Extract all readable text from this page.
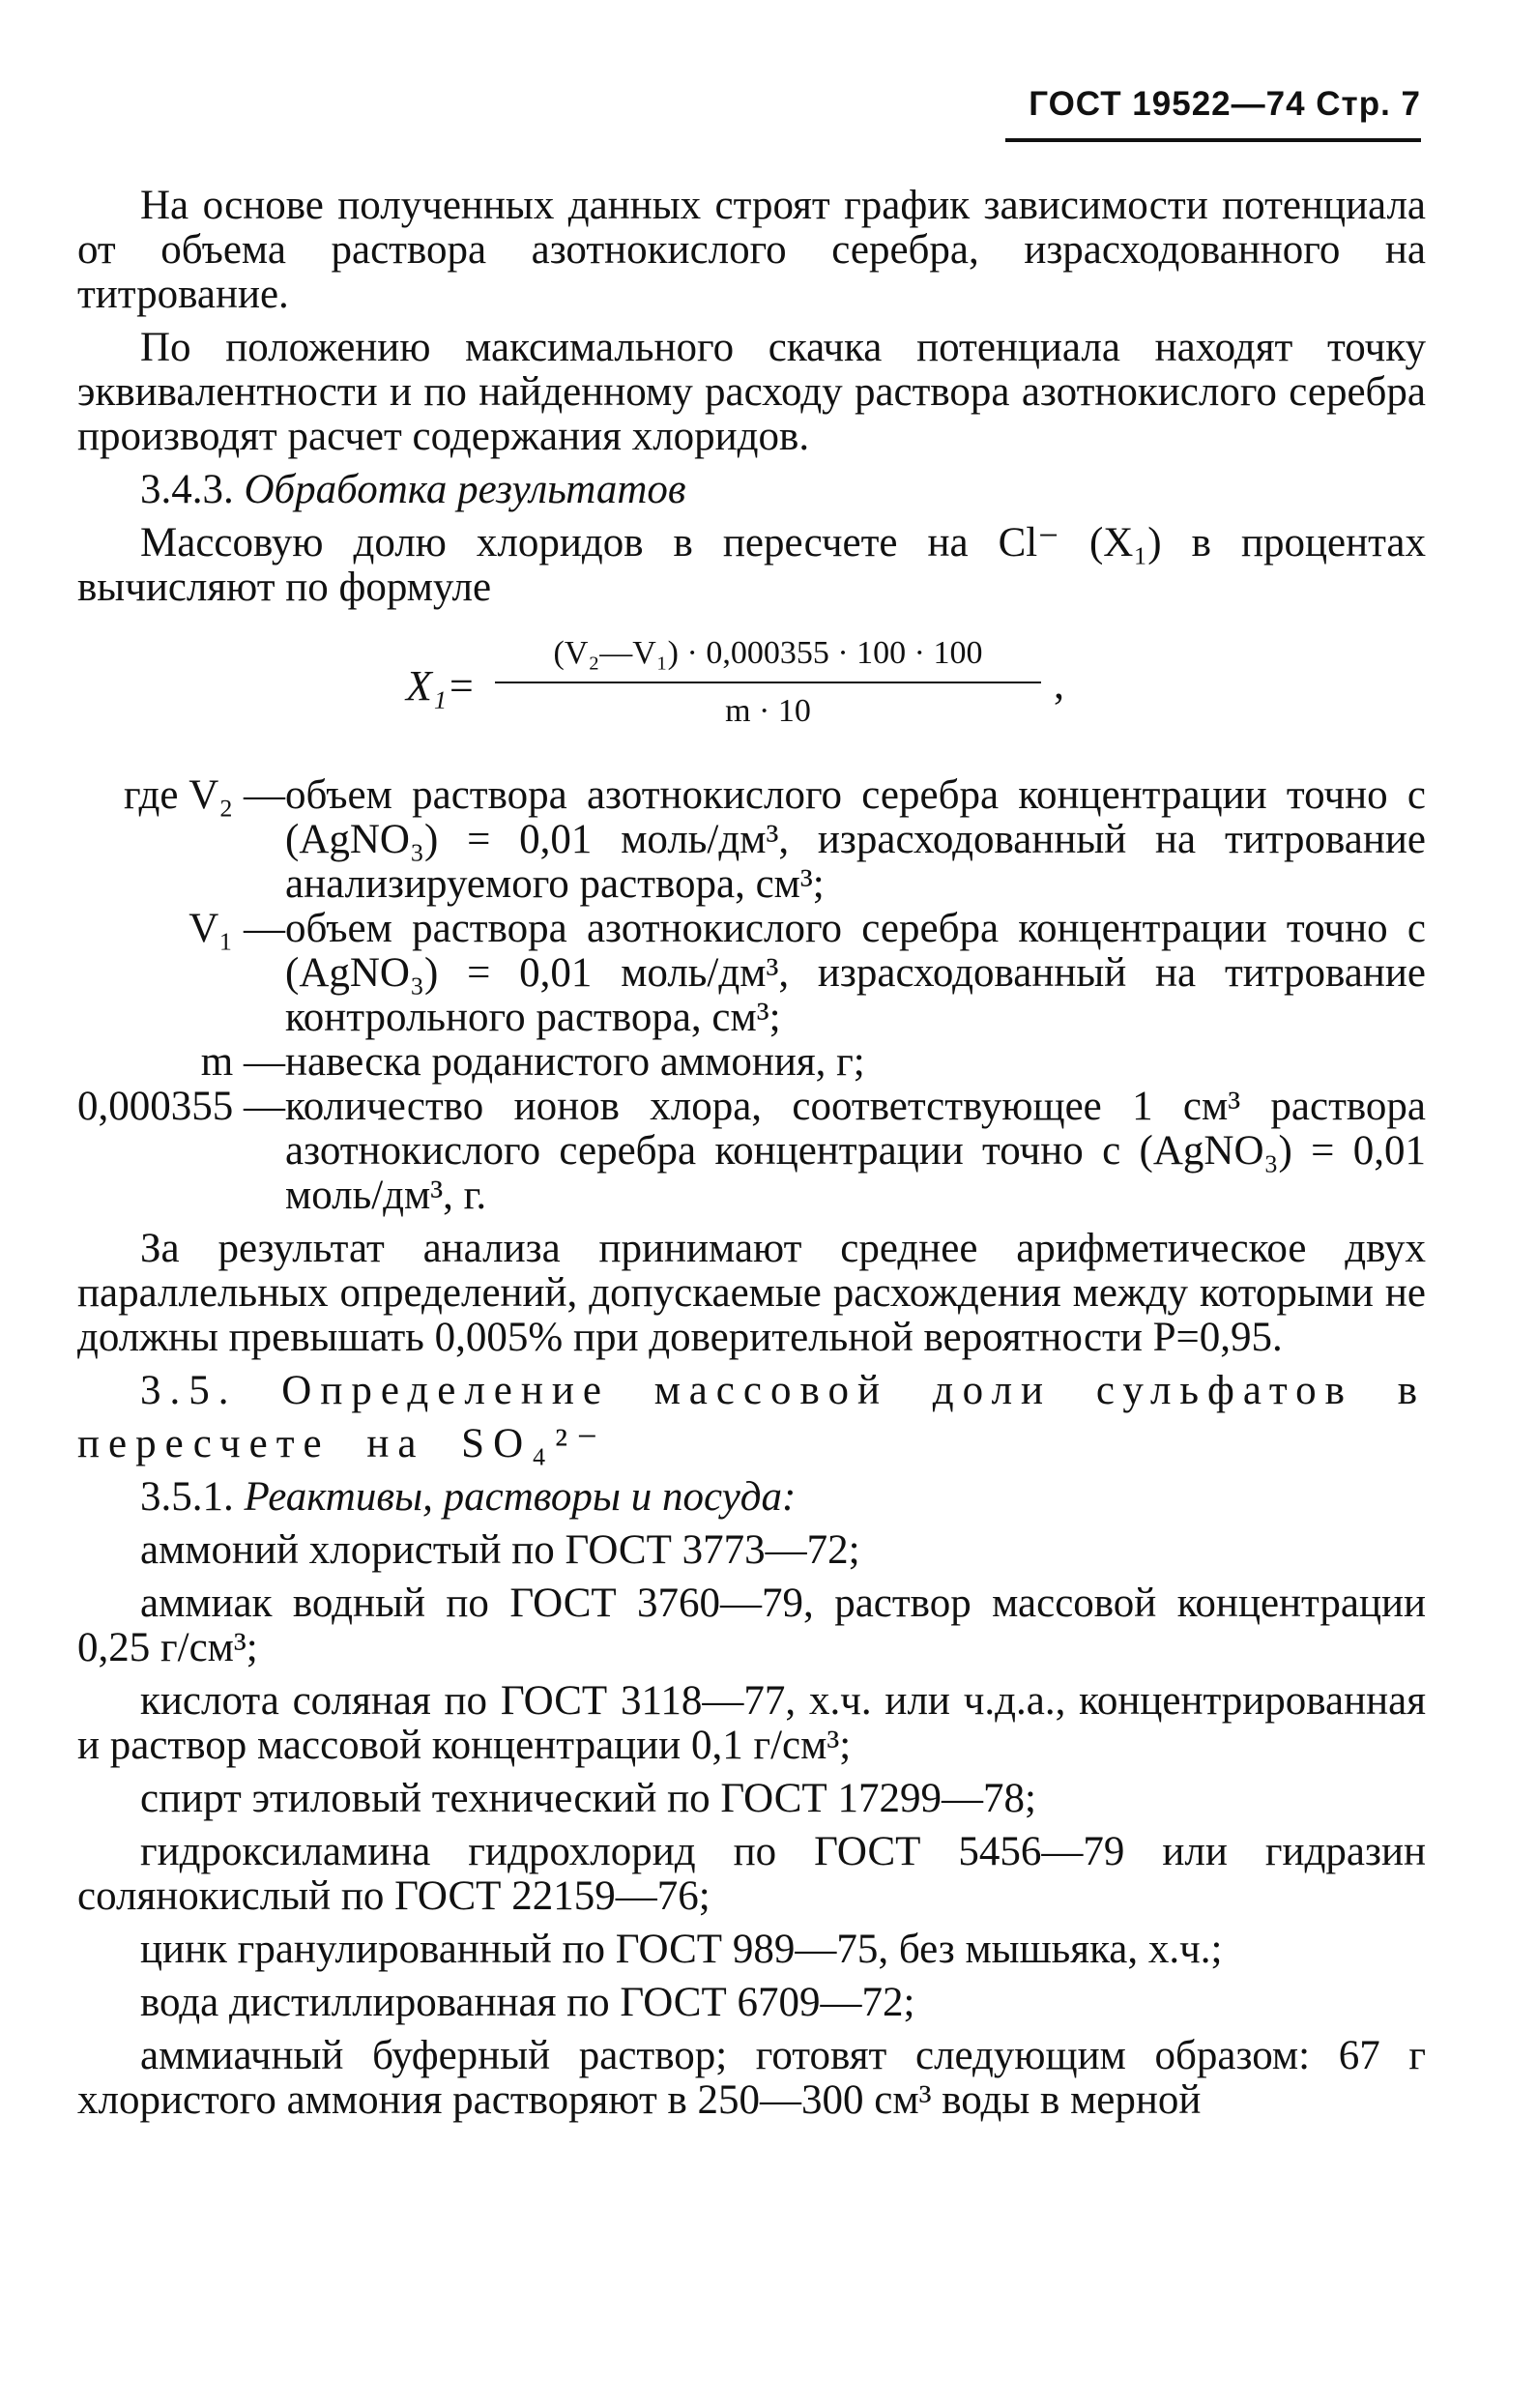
ГОСТ 19522—74 Стр. 7

На основе полученных данных строят график зависимости потенциала от объема раствора азотнокислого серебра, израсходованного на титрование.

По положению максимального скачка потенциала находят точку эквивалентности и по найденному расходу раствора азотнокислого серебра производят расчет содержания хлоридов.

3.4.3. Обработка результатов

Массовую долю хлоридов в пересчете на Cl⁻ (X₁) в процентах вычисляют по формуле

X₁=
(V₂—V₁) · 0,000355 · 100 · 100
m · 10
,
где V₂ — объем раствора азотнокислого серебра концентрации точно c (AgNO₃) = 0,01 моль/дм³, израсходованный на титрование анализируемого раствора, см³;
V₁ — объем раствора азотнокислого серебра концентрации точно c (AgNO₃) = 0,01 моль/дм³, израсходованный на титрование контрольного раствора, см³;
m — навеска роданистого аммония, г;
0,000355 — количество ионов хлора, соответствующее 1 см³ раствора азотнокислого серебра концентрации точно c (AgNO₃) = 0,01 моль/дм³, г.

За результат анализа принимают среднее арифметическое двух параллельных определений, допускаемые расхождения между которыми не должны превышать 0,005% при доверительной вероятности P=0,95.

3.5. Определение массовой доли сульфатов в

пересчете на SO₄²⁻

3.5.1. Реактивы, растворы и посуда:

аммоний хлористый по ГОСТ 3773—72;

аммиак водный по ГОСТ 3760—79, раствор массовой концентрации 0,25 г/см³;

кислота соляная по ГОСТ 3118—77, х.ч. или ч.д.а., концентрированная и раствор массовой концентрации 0,1 г/см³;

спирт этиловый технический по ГОСТ 17299—78;

гидроксиламина гидрохлорид по ГОСТ 5456—79 или гидразин солянокислый по ГОСТ 22159—76;

цинк гранулированный по ГОСТ 989—75, без мышьяка, х.ч.;

вода дистиллированная по ГОСТ 6709—72;

аммиачный буферный раствор; готовят следующим образом: 67 г хлористого аммония растворяют в 250—300 см³ воды в мерной
